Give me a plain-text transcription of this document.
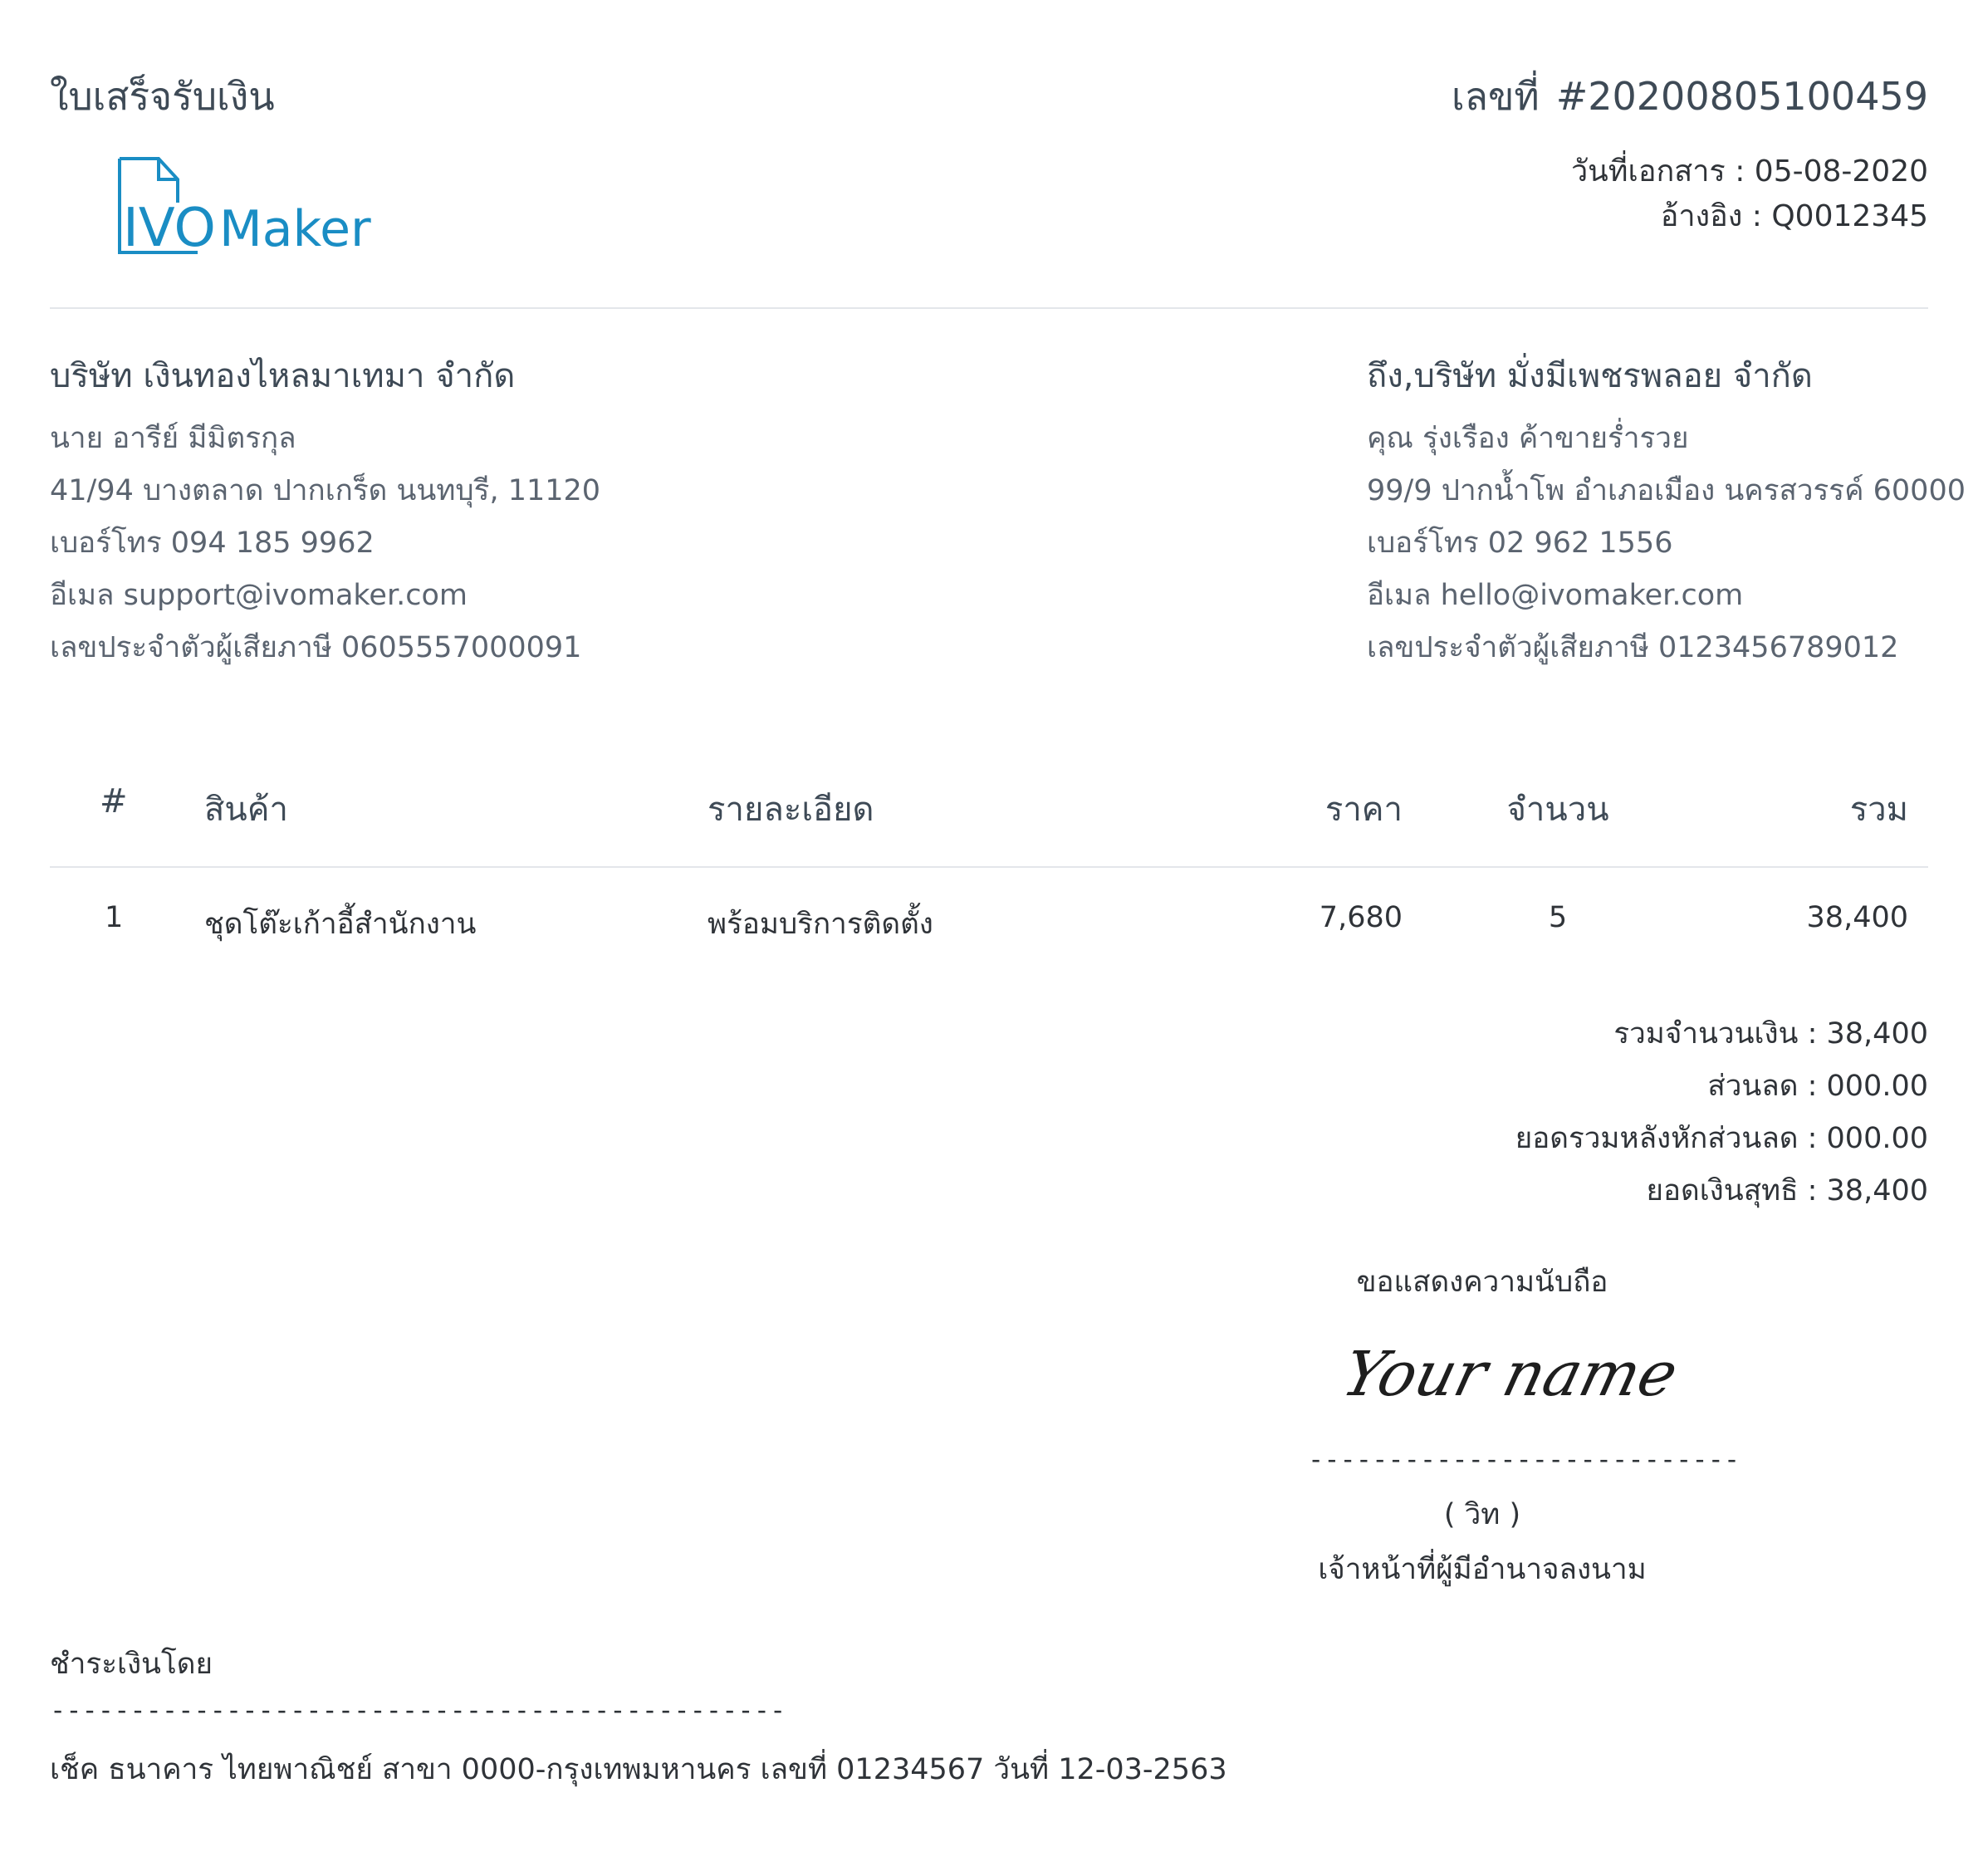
ใบเสร็จรับเงิน	เลขที่ #20200805100459
IVO Maker
วันที่เอกสาร : 05-08-2020
อ้างอิง : Q0012345
บริษัท เงินทองไหลมาเทมา จำกัด
นาย อารีย์ มีมิตรกุล
41/94 บางตลาด ปากเกร็ด นนทบุรี, 11120
เบอร์โทร 094 185 9962
อีเมล support@ivomaker.com
เลขประจำตัวผู้เสียภาษี 0605557000091
ถึง,บริษัท มั่งมีเพชรพลอย จำกัด
คุณ รุ่งเรือง ค้าขายร่ำรวย
99/9 ปากน้ำโพ อำเภอเมือง นครสวรรค์ 60000
เบอร์โทร 02 962 1556
อีเมล hello@ivomaker.com
เลขประจำตัวผู้เสียภาษี 0123456789012
# สินค้า	รายละเอียด	ราคา	จำนวน	รวม
1	ชุดโต๊ะเก้าอี้สำนักงาน	พร้อมบริการติดตั้ง	7,680	5	38,400
รวมจำนวนเงิน : 38,400
ส่วนลด : 000.00
ยอดรวมหลังหักส่วนลด : 000.00
ยอดเงินสุทธิ : 38,400
ขอแสดงความนับถือ
Your name
---------------------------
( วิท )
เจ้าหน้าที่ผู้มีอำนาจลงนาม
ชำระเงินโดย
----------------------------------------------
เช็ค ธนาคาร ไทยพาณิชย์ สาขา 0000-กรุงเทพมหานคร เลขที่ 01234567 วันที่ 12-03-2563
